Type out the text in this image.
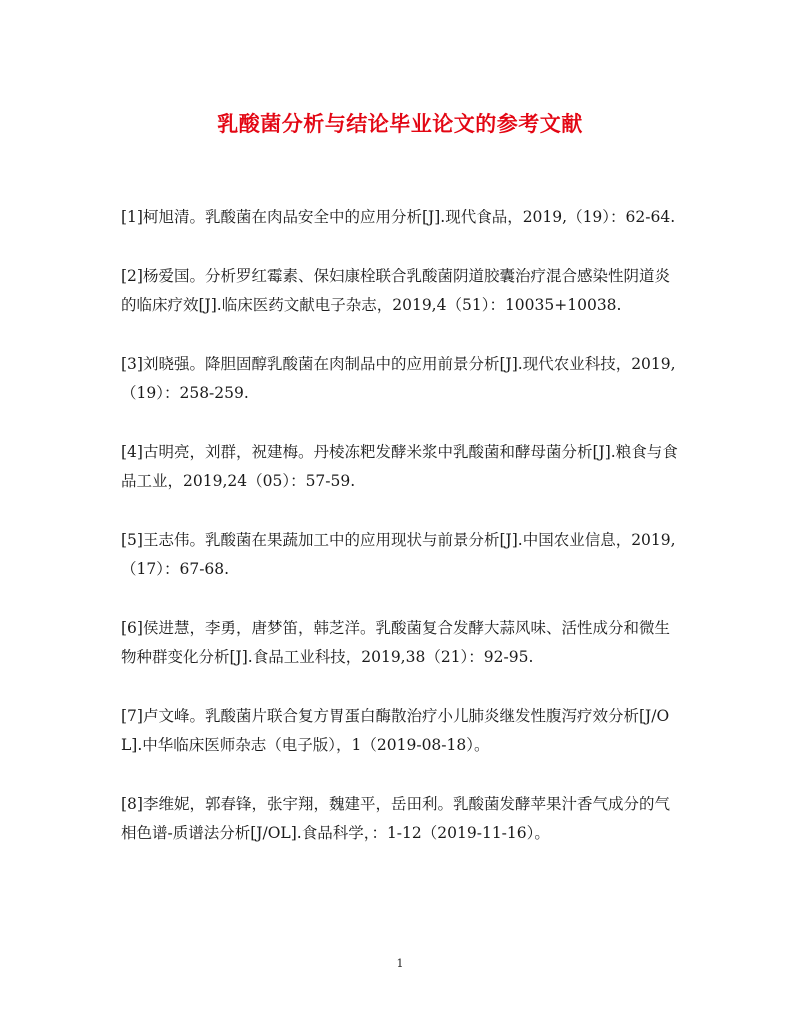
乳酸菌分析与结论毕业论文的参考文献

[1]柯旭清。乳酸菌在肉品安全中的应用分析[J].现代食品，2019,（19）：62-64.

[2]杨爱国。分析罗红霉素、保妇康栓联合乳酸菌阴道胶囊治疗混合感染性阴道炎的临床疗效[J].临床医药文献电子杂志，2019,4（51）：10035+10038.

[3]刘晓强。降胆固醇乳酸菌在肉制品中的应用前景分析[J].现代农业科技，2019,（19）：258-259.

[4]古明亮，刘群，祝建梅。丹棱冻粑发酵米浆中乳酸菌和酵母菌分析[J].粮食与食品工业，2019,24（05）：57-59.

[5]王志伟。乳酸菌在果蔬加工中的应用现状与前景分析[J].中国农业信息，2019,（17）：67-68.

[6]侯进慧，李勇，唐梦笛，韩芝洋。乳酸菌复合发酵大蒜风味、活性成分和微生物种群变化分析[J].食品工业科技，2019,38（21）：92-95.

[7]卢文峰。乳酸菌片联合复方胃蛋白酶散治疗小儿肺炎继发性腹泻疗效分析[J/OL].中华临床医师杂志（电子版），1（2019-08-18）。

[8]李维妮，郭春锋，张宇翔，魏建平，岳田利。乳酸菌发酵苹果汁香气成分的气相色谱-质谱法分析[J/OL].食品科学，：1-12（2019-11-16）。

1
